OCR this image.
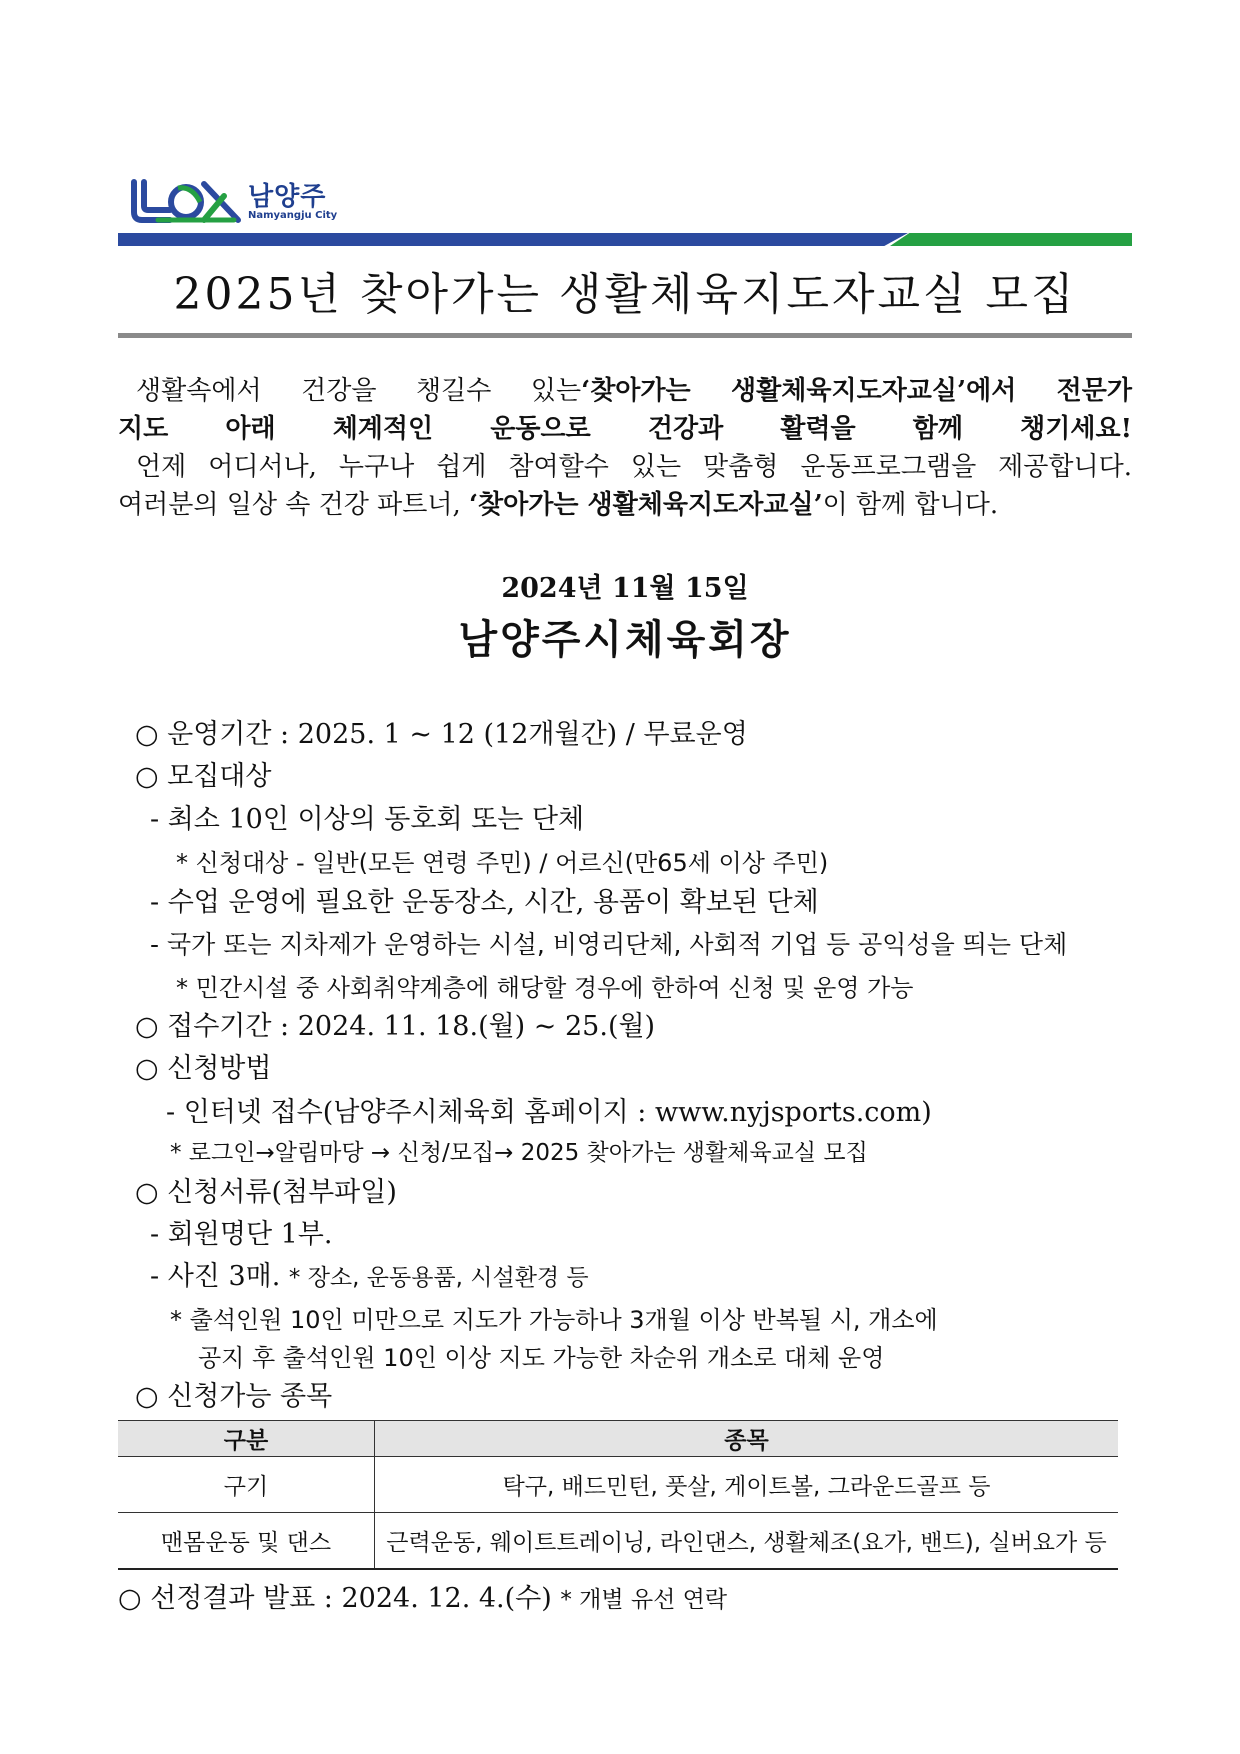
남양주
Namyangju City
2025년 찾아가는 생활체육지도자교실 모집

생활속에서 건강을 챙길수 있는‘찾아가는 생활체육지도자교실’에서 전문가

지도 아래 체계적인 운동으로 건강과 활력을 함께 챙기세요!

언제 어디서나, 누구나 쉽게 참여할수 있는 맞춤형 운동프로그램을 제공합니다.

여러분의 일상 속 건강 파트너, ‘찾아가는 생활체육지도자교실’이 함께 합니다.

2024년 11월 15일
남양주시체육회장
○ 운영기간 : 2025. 1 ~ 12 (12개월간) / 무료운영
○ 모집대상
- 최소 10인 이상의 동호회 또는 단체
* 신청대상 - 일반(모든 연령 주민) / 어르신(만65세 이상 주민)
- 수업 운영에 필요한 운동장소, 시간, 용품이 확보된 단체
- 국가 또는 지차제가 운영하는 시설, 비영리단체, 사회적 기업 등 공익성을 띄는 단체
* 민간시설 중 사회취약계층에 해당할 경우에 한하여 신청 및 운영 가능
○ 접수기간 : 2024. 11. 18.(월) ~ 25.(월)
○ 신청방법
- 인터넷 접수(남양주시체육회 홈페이지 : www.nyjsports.com)
* 로그인→알림마당 → 신청/모집→ 2025 찾아가는 생활체육교실 모집
○ 신청서류(첨부파일)
- 회원명단 1부.
- 사진 3매. * 장소, 운동용품, 시설환경 등
* 출석인원 10인 미만으로 지도가 가능하나 3개월 이상 반복될 시, 개소에
공지 후 출석인원 10인 이상 지도 가능한 차순위 개소로 대체 운영
○ 신청가능 종목
구분	종목
구기	탁구, 배드민턴, 풋살, 게이트볼, 그라운드골프 등
맨몸운동 및 댄스	근력운동, 웨이트트레이닝, 라인댄스, 생활체조(요가, 밴드), 실버요가 등
○ 선정결과 발표 : 2024. 12. 4.(수) * 개별 유선 연락
